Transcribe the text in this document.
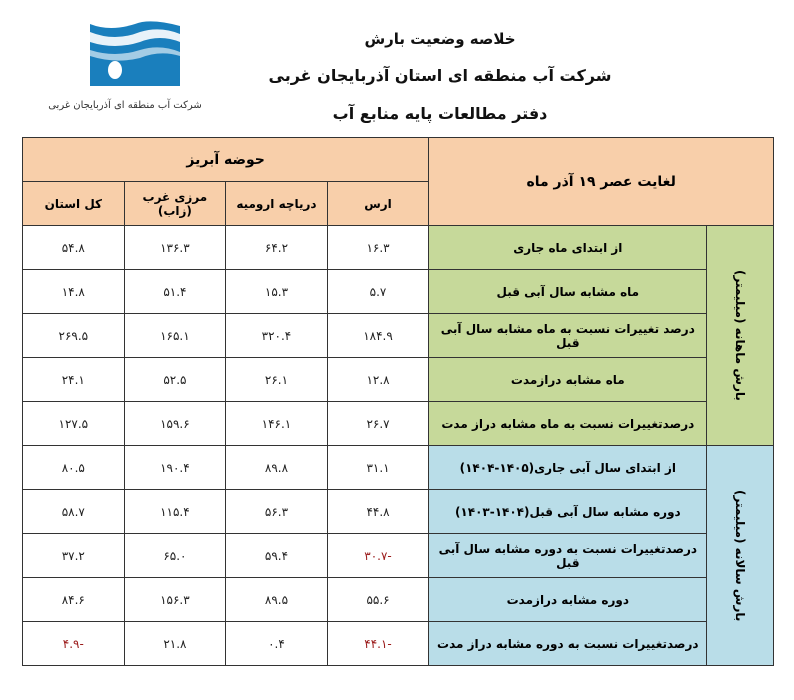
شرکت آب منطقه ای آذربایجان غربی
خلاصه وضعیت بارش
شرکت آب منطقه ای استان آذربایجان غربی
دفتر مطالعات پایه منابع آب
لغایت عصر ۱۹ آذر ماه		حوضه آبریز			
		ارس	دریاچه ارومیه	مرزی غرب (زاب)	کل استان
بارش ماهانه (میلیمتر)	از ابتدای ماه جاری	۱۶.۳	۶۴.۲	۱۳۶.۳	۵۴.۸
	ماه مشابه سال آبی قبل	۵.۷	۱۵.۳	۵۱.۴	۱۴.۸
	درصد تغییرات نسبت به ماه مشابه سال آبی قبل	۱۸۴.۹	۳۲۰.۴	۱۶۵.۱	۲۶۹.۵
	ماه مشابه درازمدت	۱۲.۸	۲۶.۱	۵۲.۵	۲۴.۱
	درصدتغییرات نسبت به ماه مشابه دراز مدت	۲۶.۷	۱۴۶.۱	۱۵۹.۶	۱۲۷.۵
بارش سالانه (میلیمتر)	از ابتدای سال آبی جاری(۱۴۰۵-۱۴۰۴)	۳۱.۱	۸۹.۸	۱۹۰.۴	۸۰.۵
	دوره مشابه سال آبی قبل(۱۴۰۴-۱۴۰۳)	۴۴.۸	۵۶.۳	۱۱۵.۴	۵۸.۷
	درصدتغییرات نسبت به دوره مشابه سال آبی قبل	-۳۰.۷	۵۹.۴	۶۵.۰	۳۷.۲
	دوره مشابه درازمدت	۵۵.۶	۸۹.۵	۱۵۶.۳	۸۴.۶
	درصدتغییرات نسبت به دوره مشابه دراز مدت	-۴۴.۱	۰.۴	۲۱.۸	-۴.۹
